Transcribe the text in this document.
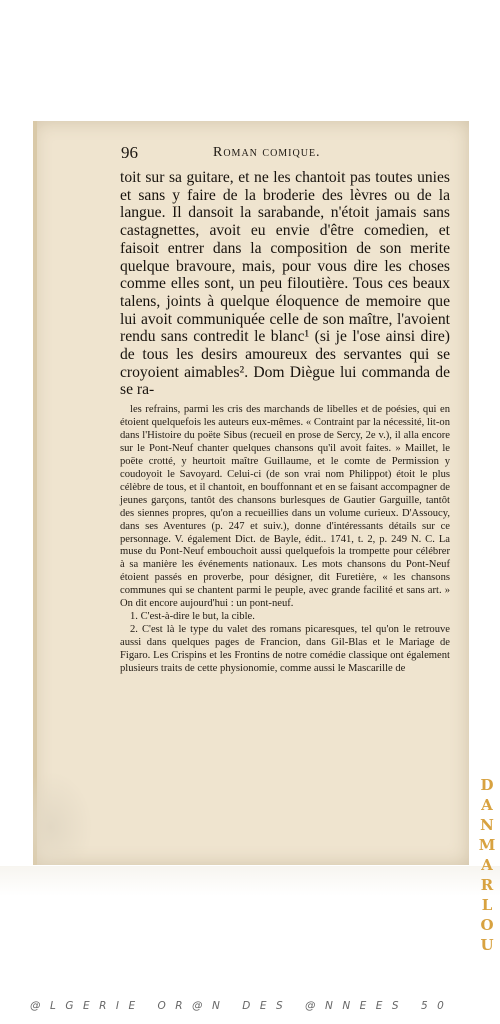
96	Roman comique.

toit sur sa guitare, et ne les chantoit pas toutes unies et sans y faire de la broderie des lèvres ou de la langue. Il dansoit la sarabande, n'étoit jamais sans castagnettes, avoit eu envie d'être comedien, et faisoit entrer dans la composition de son merite quelque bravoure, mais, pour vous dire les choses comme elles sont, un peu filoutière. Tous ces beaux talens, joints à quelque éloquence de memoire que lui avoit communiquée celle de son maître, l'avoient rendu sans contredit le blanc¹ (si je l'ose ainsi dire) de tous les desirs amoureux des servantes qui se croyoient aimables². Dom Diègue lui commanda de se ra-

les refrains, parmi les cris des marchands de libelles et de poésies, qui en étoient quelquefois les auteurs eux-mêmes. « Contraint par la nécessité, lit-on dans l'Histoire du poëte Sibus (recueil en prose de Sercy, 2e v.), il alla encore sur le Pont-Neuf chanter quelques chansons qu'il avoit faites. » Maillet, le poëte crotté, y heurtoit maître Guillaume, et le comte de Permission y coudoyoit le Savoyard. Celui-ci (de son vrai nom Philippot) étoit le plus célèbre de tous, et il chantoit, en bouffonnant et en se faisant accompagner de jeunes garçons, tantôt des chansons burlesques de Gautier Garguille, tantôt des siennes propres, qu'on a recueillies dans un volume curieux. D'Assoucy, dans ses Aventures (p. 247 et suiv.), donne d'intéressants détails sur ce personnage. V. également Dict. de Bayle, édit.. 1741, t. 2, p. 249 N. C. La muse du Pont-Neuf embouchoit aussi quelquefois la trompette pour célébrer à sa manière les événements nationaux. Les mots chansons du Pont-Neuf étoient passés en proverbe, pour désigner, dit Furetière, « les chansons communes qui se chantent parmi le peuple, avec grande facilité et sans art. » On dit encore aujourd'hui : un pont-neuf.

1. C'est-à-dire le but, la cible.

2. C'est là le type du valet des romans picaresques, tel qu'on le retrouve aussi dans quelques pages de Francion, dans Gil-Blas et le Mariage de Figaro. Les Crispins et les Frontins de notre comédie classique ont également plusieurs traits de cette physionomie, comme aussi le Mascarille de

DANMARLOU
@LGERIE OR@N DES @NNEES 50
